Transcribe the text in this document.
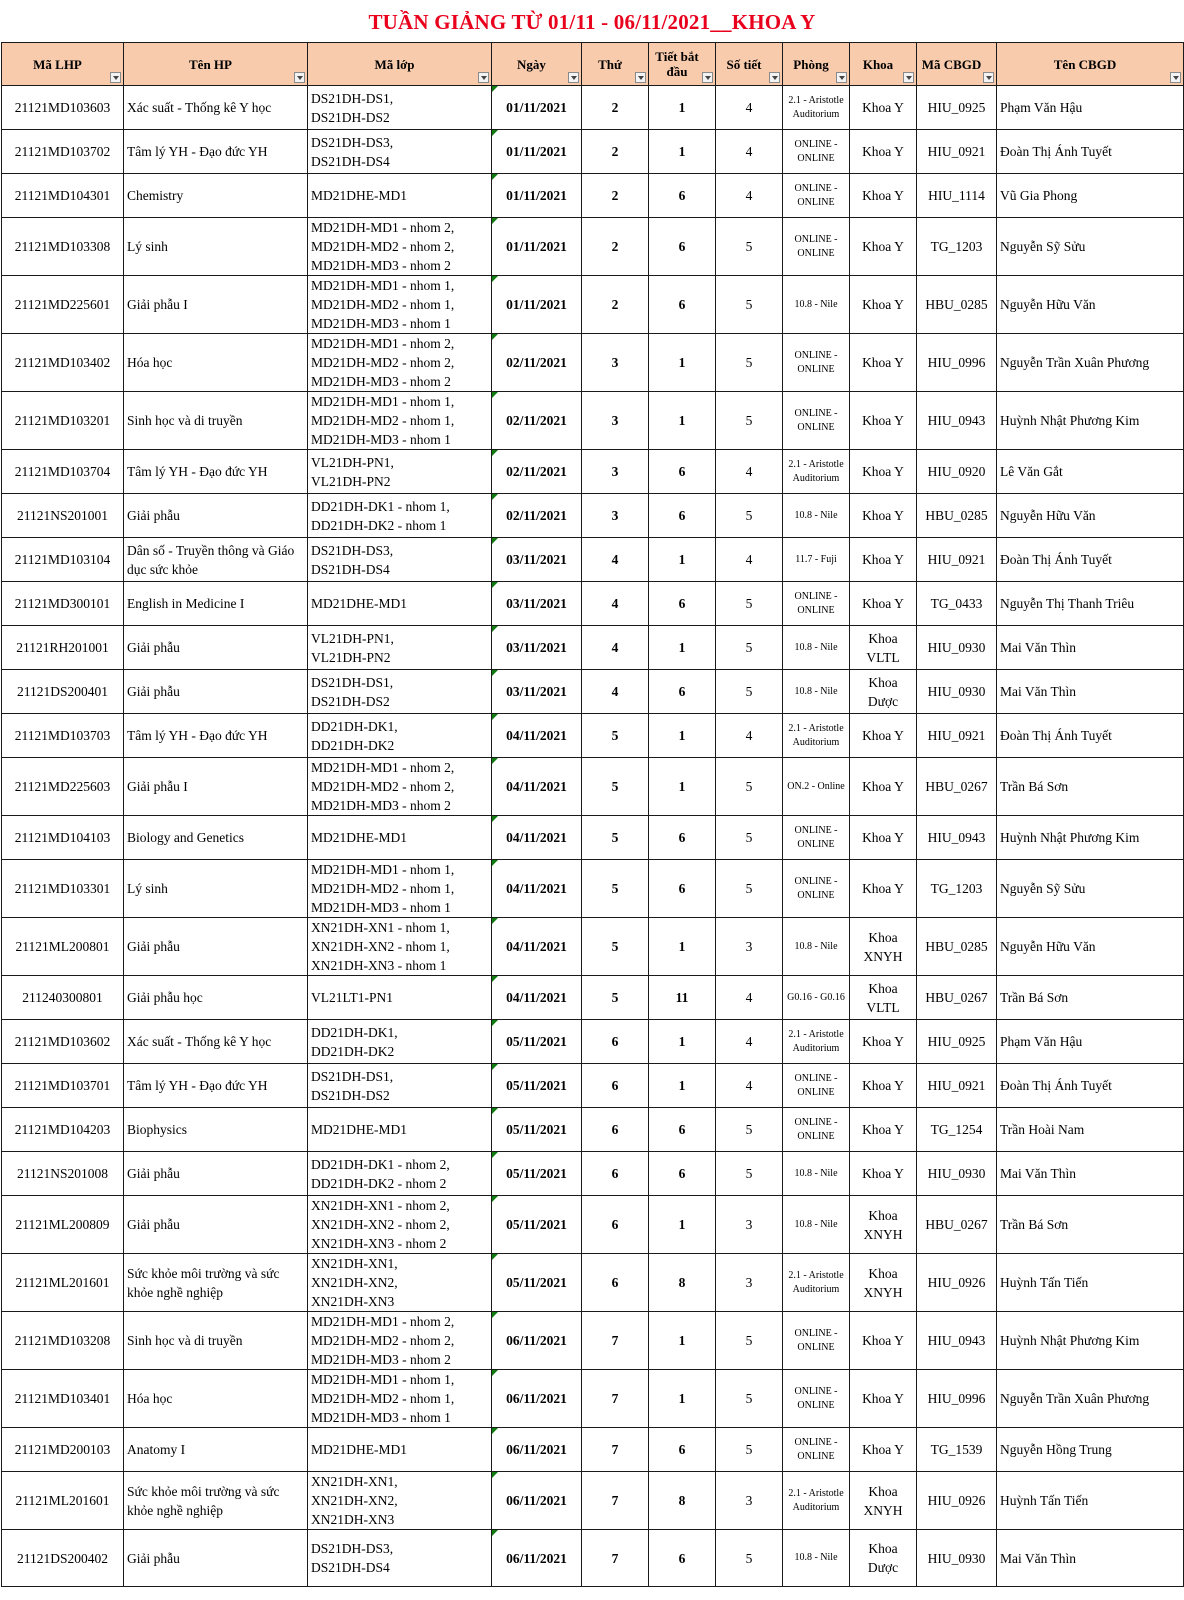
TUẦN GIẢNG TỪ 01/11 - 06/11/2021__KHOA Y
Mã LHP	Tên HP	Mã lớp	Ngày	Thứ	Tiết bắt đầu	Số tiết	Phòng	Khoa	Mã CBGD	Tên CBGD

21121MD103603	Xác suất - Thống kê Y học	DS21DH-DS1,
DS21DH-DS2	01/11/2021	2	1	4	2.1 - Aristotle Auditorium	Khoa Y	HIU_0925	Phạm Văn Hậu
21121MD103702	Tâm lý YH - Đạo đức YH	DS21DH-DS3,
DS21DH-DS4	01/11/2021	2	1	4	ONLINE - ONLINE	Khoa Y	HIU_0921	Đoàn Thị Ánh Tuyết
21121MD104301	Chemistry	MD21DHE-MD1	01/11/2021	2	6	4	ONLINE - ONLINE	Khoa Y	HIU_1114	Vũ Gia Phong
21121MD103308	Lý sinh	MD21DH-MD1 - nhom 2,
MD21DH-MD2 - nhom 2,
MD21DH-MD3 - nhom 2	01/11/2021	2	6	5	ONLINE - ONLINE	Khoa Y	TG_1203	Nguyễn Sỹ Sửu
21121MD225601	Giải phẫu I	MD21DH-MD1 - nhom 1,
MD21DH-MD2 - nhom 1,
MD21DH-MD3 - nhom 1	01/11/2021	2	6	5	10.8 - Nile	Khoa Y	HBU_0285	Nguyễn Hữu Văn
21121MD103402	Hóa học	MD21DH-MD1 - nhom 2,
MD21DH-MD2 - nhom 2,
MD21DH-MD3 - nhom 2	02/11/2021	3	1	5	ONLINE - ONLINE	Khoa Y	HIU_0996	Nguyễn Trần Xuân Phương
21121MD103201	Sinh học và di truyền	MD21DH-MD1 - nhom 1,
MD21DH-MD2 - nhom 1,
MD21DH-MD3 - nhom 1	02/11/2021	3	1	5	ONLINE - ONLINE	Khoa Y	HIU_0943	Huỳnh Nhật Phương Kim
21121MD103704	Tâm lý YH - Đạo đức YH	VL21DH-PN1,
VL21DH-PN2	02/11/2021	3	6	4	2.1 - Aristotle Auditorium	Khoa Y	HIU_0920	Lê Văn Gắt
21121NS201001	Giải phẫu	DD21DH-DK1 - nhom 1,
DD21DH-DK2 - nhom 1	02/11/2021	3	6	5	10.8 - Nile	Khoa Y	HBU_0285	Nguyễn Hữu Văn
21121MD103104	Dân số - Truyền thông và Giáo dục sức khỏe	DS21DH-DS3,
DS21DH-DS4	03/11/2021	4	1	4	11.7 - Fuji	Khoa Y	HIU_0921	Đoàn Thị Ánh Tuyết
21121MD300101	English in Medicine I	MD21DHE-MD1	03/11/2021	4	6	5	ONLINE - ONLINE	Khoa Y	TG_0433	Nguyễn Thị Thanh Triêu
21121RH201001	Giải phẫu	VL21DH-PN1,
VL21DH-PN2	03/11/2021	4	1	5	10.8 - Nile	Khoa VLTL	HIU_0930	Mai Văn Thìn
21121DS200401	Giải phẫu	DS21DH-DS1,
DS21DH-DS2	03/11/2021	4	6	5	10.8 - Nile	Khoa Dược	HIU_0930	Mai Văn Thìn
21121MD103703	Tâm lý YH - Đạo đức YH	DD21DH-DK1,
DD21DH-DK2	04/11/2021	5	1	4	2.1 - Aristotle Auditorium	Khoa Y	HIU_0921	Đoàn Thị Ánh Tuyết
21121MD225603	Giải phẫu I	MD21DH-MD1 - nhom 2,
MD21DH-MD2 - nhom 2,
MD21DH-MD3 - nhom 2	04/11/2021	5	1	5	ON.2 - Online	Khoa Y	HBU_0267	Trần Bá Sơn
21121MD104103	Biology and Genetics	MD21DHE-MD1	04/11/2021	5	6	5	ONLINE - ONLINE	Khoa Y	HIU_0943	Huỳnh Nhật Phương Kim
21121MD103301	Lý sinh	MD21DH-MD1 - nhom 1,
MD21DH-MD2 - nhom 1,
MD21DH-MD3 - nhom 1	04/11/2021	5	6	5	ONLINE - ONLINE	Khoa Y	TG_1203	Nguyễn Sỹ Sửu
21121ML200801	Giải phẫu	XN21DH-XN1 - nhom 1,
XN21DH-XN2 - nhom 1,
XN21DH-XN3 - nhom 1	04/11/2021	5	1	3	10.8 - Nile	Khoa XNYH	HBU_0285	Nguyễn Hữu Văn
211240300801	Giải phẫu học	VL21LT1-PN1	04/11/2021	5	11	4	G0.16 - G0.16	Khoa VLTL	HBU_0267	Trần Bá Sơn
21121MD103602	Xác suất - Thống kê Y học	DD21DH-DK1,
DD21DH-DK2	05/11/2021	6	1	4	2.1 - Aristotle Auditorium	Khoa Y	HIU_0925	Phạm Văn Hậu
21121MD103701	Tâm lý YH - Đạo đức YH	DS21DH-DS1,
DS21DH-DS2	05/11/2021	6	1	4	ONLINE - ONLINE	Khoa Y	HIU_0921	Đoàn Thị Ánh Tuyết
21121MD104203	Biophysics	MD21DHE-MD1	05/11/2021	6	6	5	ONLINE - ONLINE	Khoa Y	TG_1254	Trần Hoài Nam
21121NS201008	Giải phẫu	DD21DH-DK1 - nhom 2,
DD21DH-DK2 - nhom 2	05/11/2021	6	6	5	10.8 - Nile	Khoa Y	HIU_0930	Mai Văn Thìn
21121ML200809	Giải phẫu	XN21DH-XN1 - nhom 2,
XN21DH-XN2 - nhom 2,
XN21DH-XN3 - nhom 2	05/11/2021	6	1	3	10.8 - Nile	Khoa XNYH	HBU_0267	Trần Bá Sơn
21121ML201601	Sức khỏe môi trường và sức khỏe nghề nghiệp	XN21DH-XN1,
XN21DH-XN2,
XN21DH-XN3	05/11/2021	6	8	3	2.1 - Aristotle Auditorium	Khoa XNYH	HIU_0926	Huỳnh Tấn Tiến
21121MD103208	Sinh học và di truyền	MD21DH-MD1 - nhom 2,
MD21DH-MD2 - nhom 2,
MD21DH-MD3 - nhom 2	06/11/2021	7	1	5	ONLINE - ONLINE	Khoa Y	HIU_0943	Huỳnh Nhật Phương Kim
21121MD103401	Hóa học	MD21DH-MD1 - nhom 1,
MD21DH-MD2 - nhom 1,
MD21DH-MD3 - nhom 1	06/11/2021	7	1	5	ONLINE - ONLINE	Khoa Y	HIU_0996	Nguyễn Trần Xuân Phương
21121MD200103	Anatomy I	MD21DHE-MD1	06/11/2021	7	6	5	ONLINE - ONLINE	Khoa Y	TG_1539	Nguyễn Hồng Trung
21121ML201601	Sức khỏe môi trường và sức khỏe nghề nghiệp	XN21DH-XN1,
XN21DH-XN2,
XN21DH-XN3	06/11/2021	7	8	3	2.1 - Aristotle Auditorium	Khoa XNYH	HIU_0926	Huỳnh Tấn Tiến
21121DS200402	Giải phẫu	DS21DH-DS3,
DS21DH-DS4	06/11/2021	7	6	5	10.8 - Nile	Khoa Dược	HIU_0930	Mai Văn Thìn
